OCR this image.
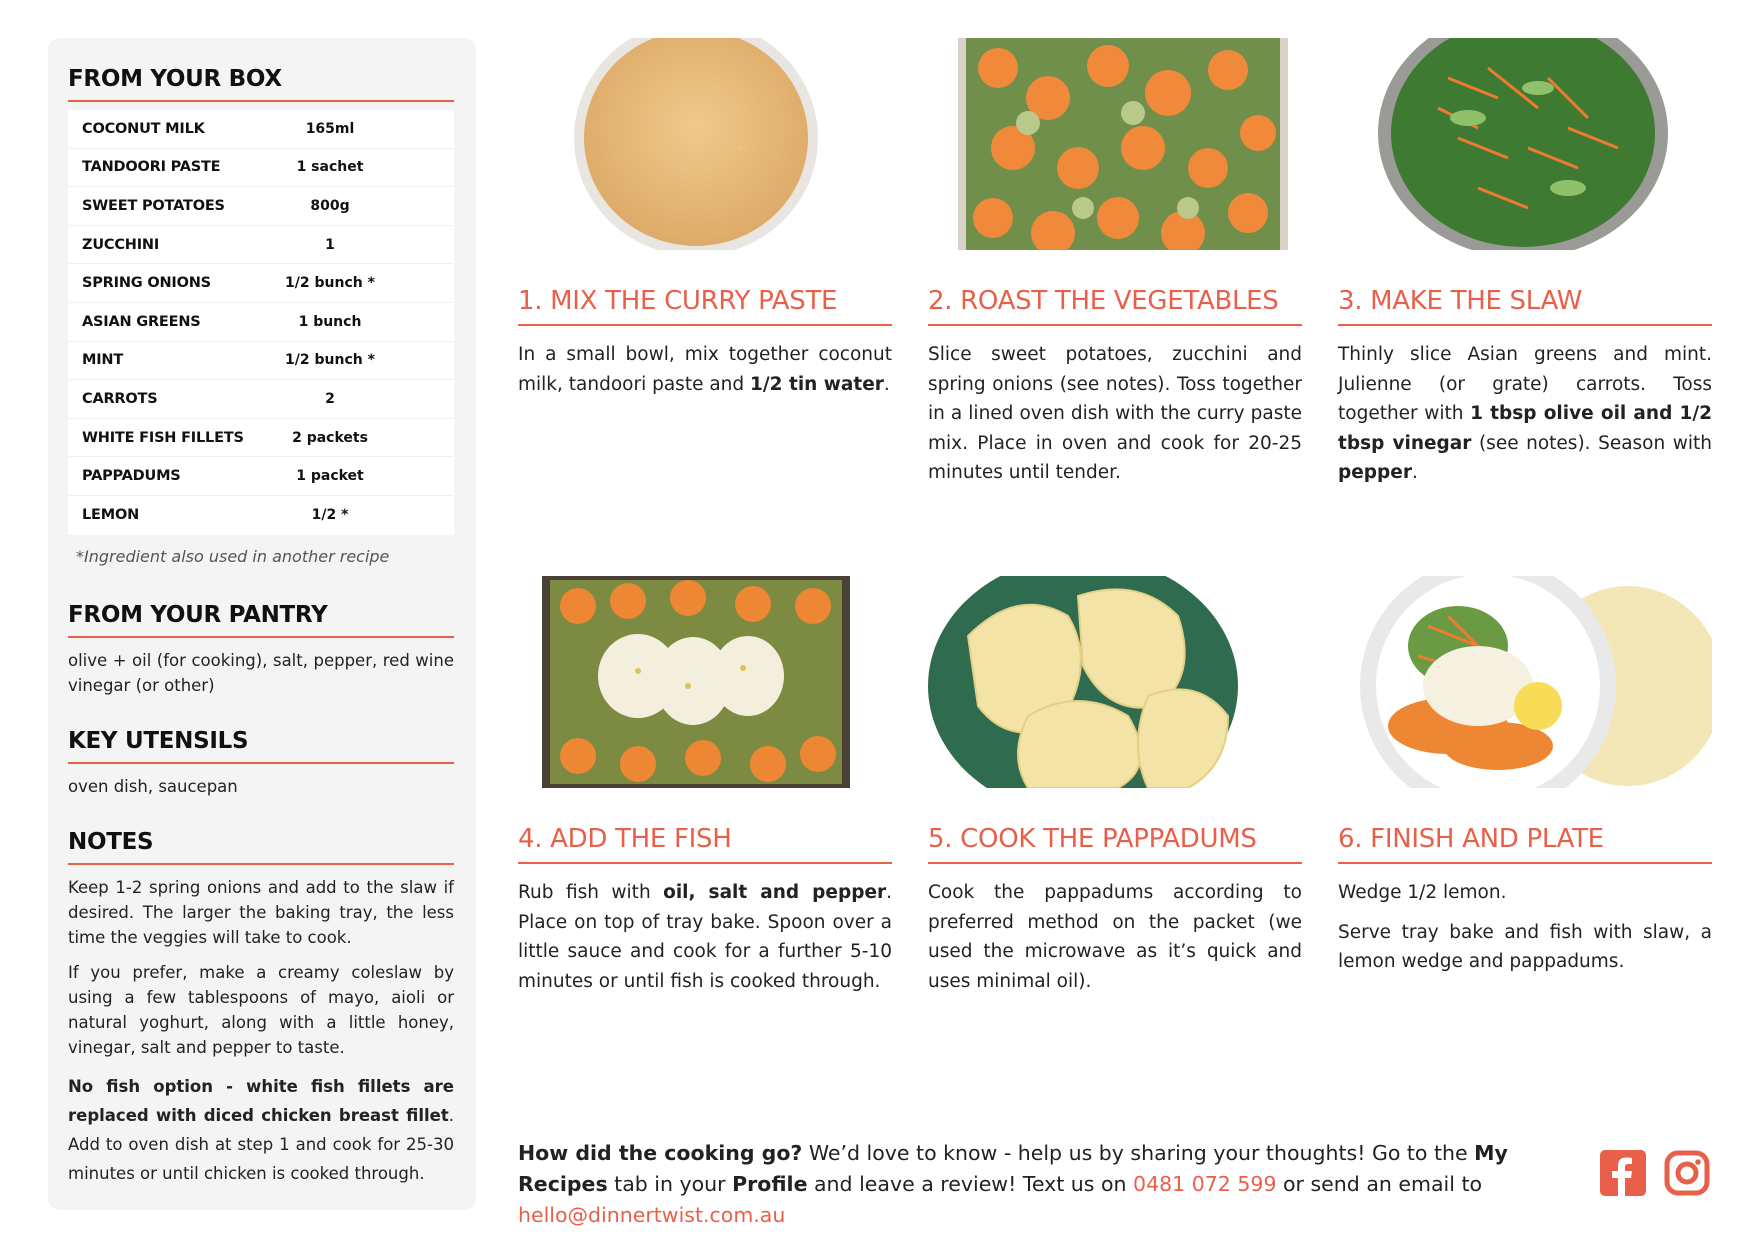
FROM YOUR BOX
COCONUT MILK	165ml
TANDOORI PASTE	1 sachet
SWEET POTATOES	800g
ZUCCHINI	1
SPRING ONIONS	1/2 bunch *
ASIAN GREENS	1 bunch
MINT	1/2 bunch *
CARROTS	2
WHITE FISH FILLETS	2 packets
PAPPADUMS	1 packet
LEMON	1/2 *
*Ingredient also used in another recipe
FROM YOUR PANTRY

olive + oil (for cooking), salt, pepper, red wine vinegar (or other)

KEY UTENSILS

oven dish, saucepan

NOTES

Keep 1-2 spring onions and add to the slaw if desired. The larger the baking tray, the less time the veggies will take to cook.

If you prefer, make a creamy coleslaw by using a few tablespoons of mayo, aioli or natural yoghurt, along with a little honey, vinegar, salt and pepper to taste.

No fish option - white fish fillets are replaced with diced chicken breast fillet. Add to oven dish at step 1 and cook for 25-30 minutes or until chicken is cooked through.

1. MIX THE CURRY PASTE
In a small bowl, mix together coconut milk, tandoori paste and 1/2 tin water.
2. ROAST THE VEGETABLES
Slice sweet potatoes, zucchini and spring onions (see notes). Toss together in a lined oven dish with the curry paste mix. Place in oven and cook for 20-25 minutes until tender.
3. MAKE THE SLAW
Thinly slice Asian greens and mint. Julienne (or grate) carrots. Toss together with 1 tbsp olive oil and 1/2 tbsp vinegar (see notes). Season with pepper.
4. ADD THE FISH
Rub fish with oil, salt and pepper. Place on top of tray bake. Spoon over a little sauce and cook for a further 5-10 minutes or until fish is cooked through.
5. COOK THE PAPPADUMS
Cook the pappadums according to preferred method on the packet (we used the microwave as it’s quick and uses minimal oil).
6. FINISH AND PLATE

Wedge 1/2 lemon.

Serve tray bake and fish with slaw, a lemon wedge and pappadums.

How did the cooking go? We’d love to know - help us by sharing your thoughts! Go to the My Recipes tab in your Profile and leave a review! Text us on 0481 072 599 or send an email to hello@dinnertwist.com.au
